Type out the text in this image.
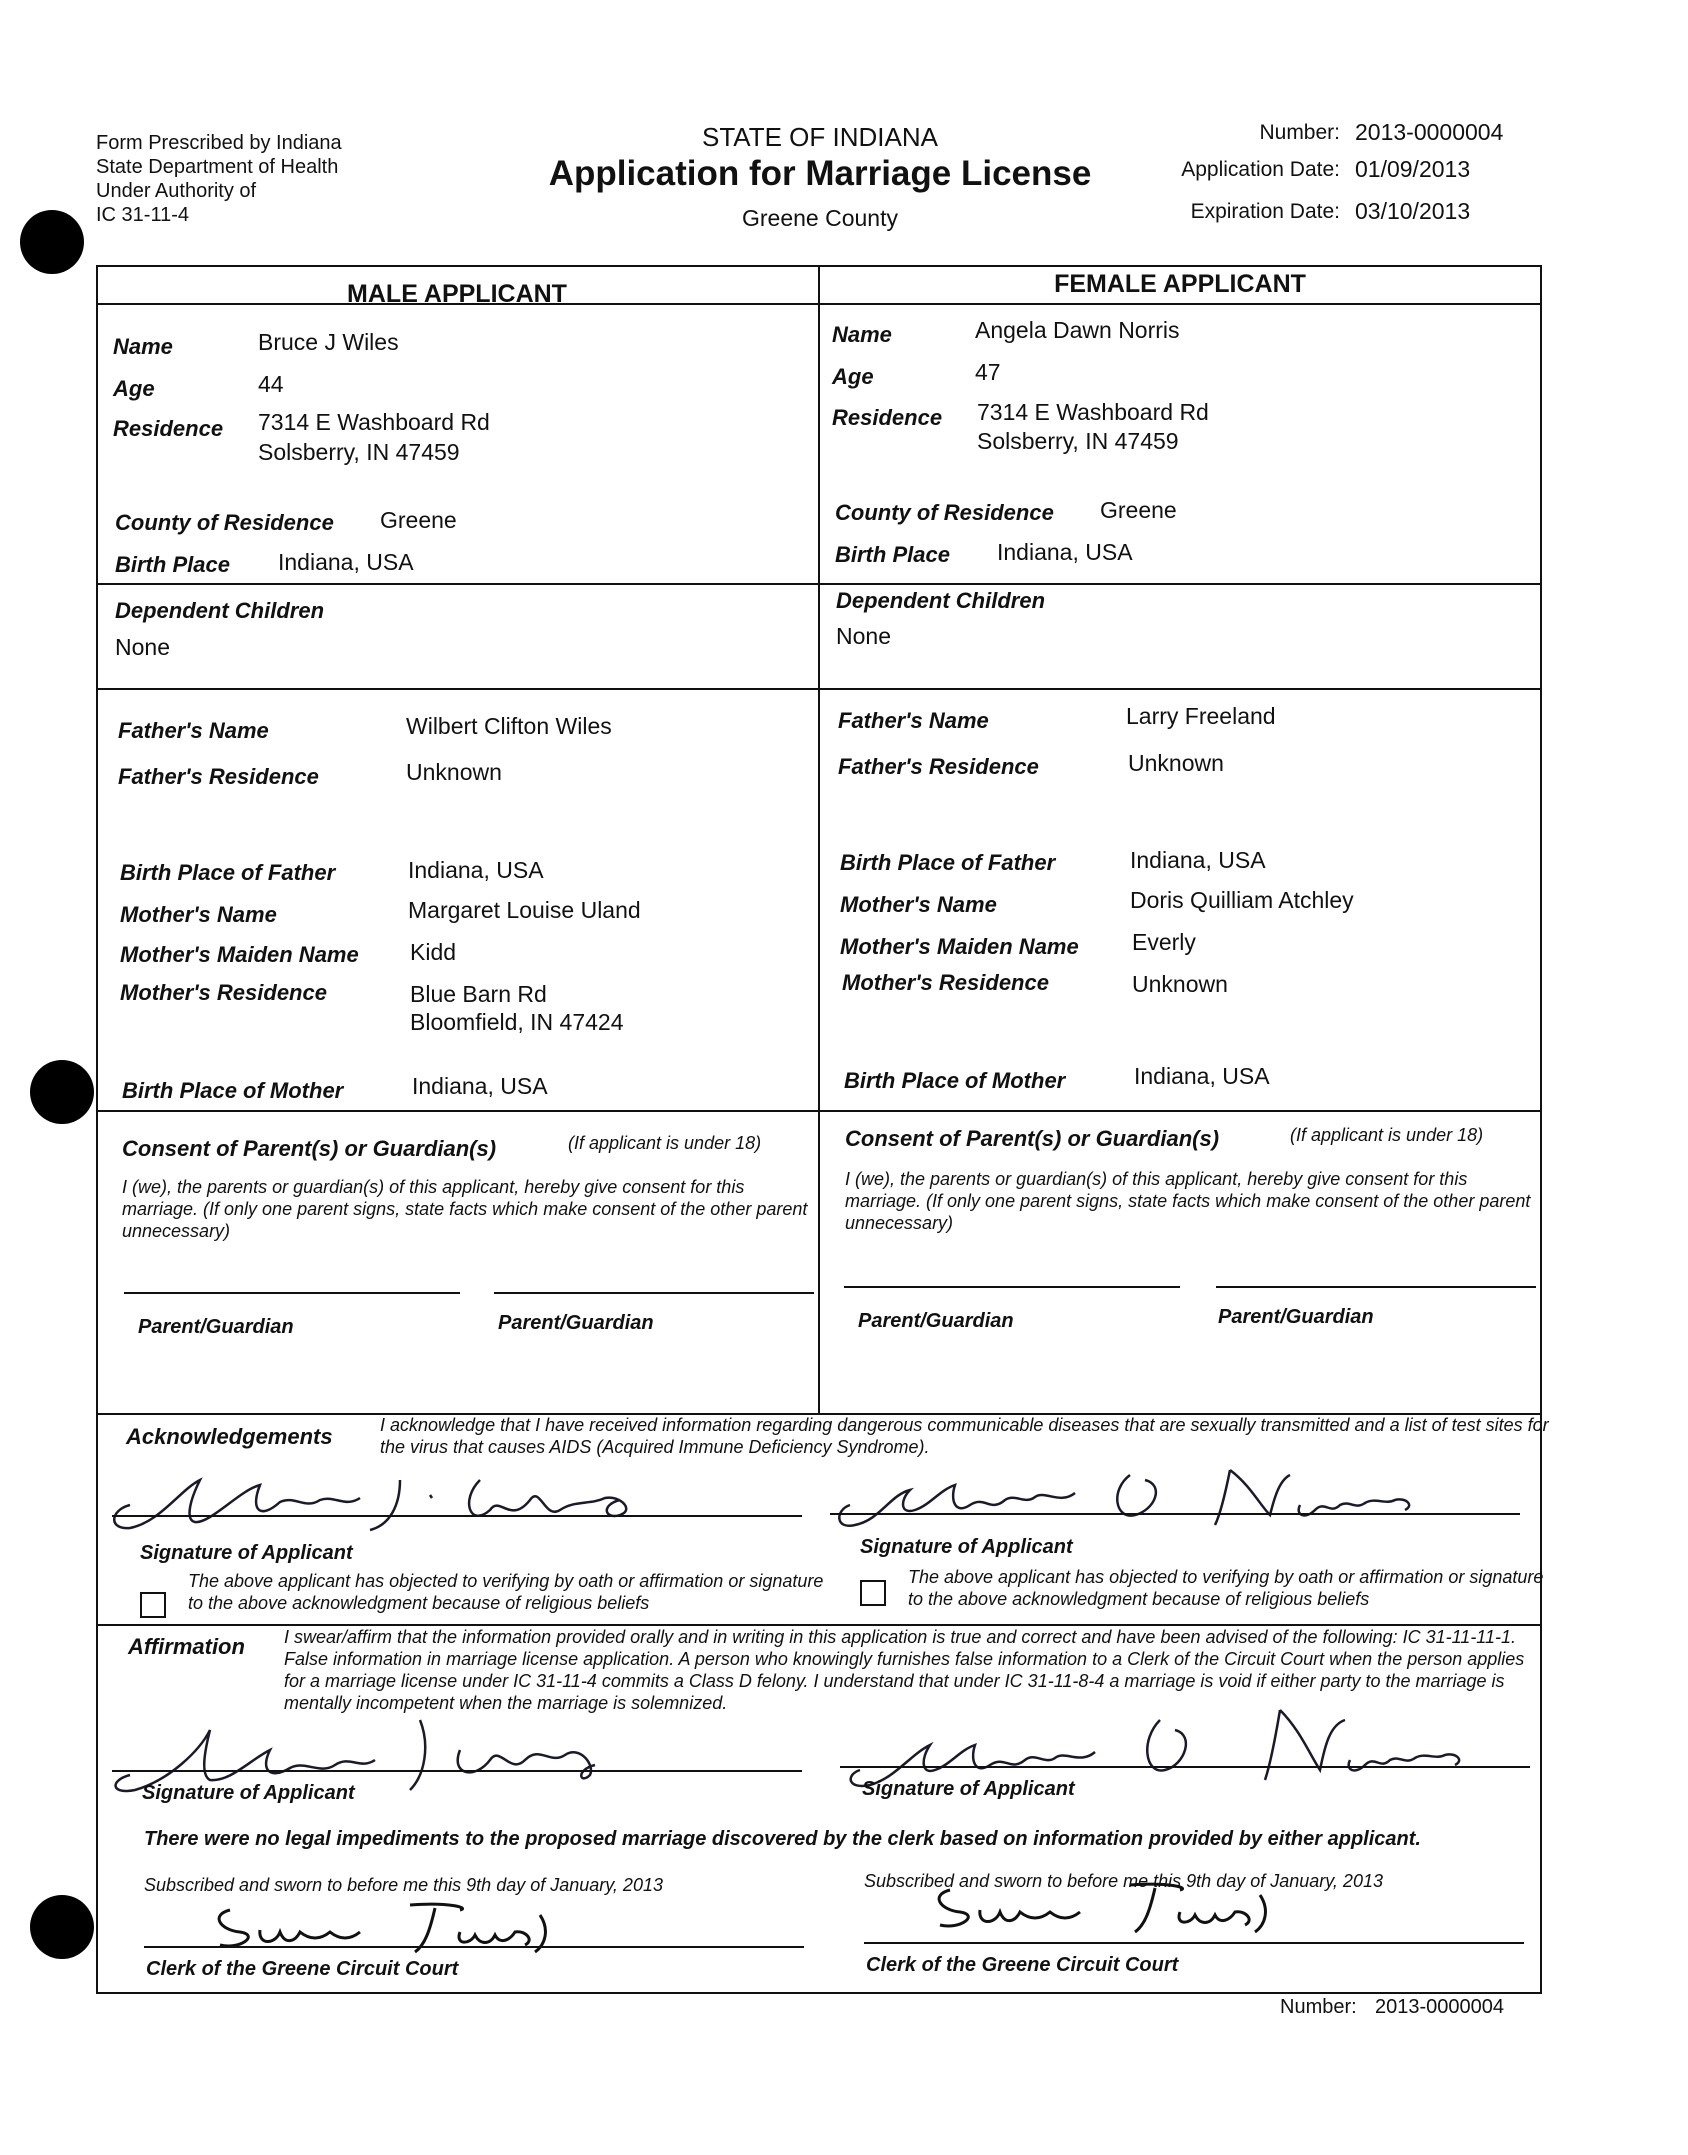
Form Prescribed by Indiana
State Department of Health
Under Authority of
IC 31-11-4
STATE OF INDIANA
Application for Marriage License
Greene County
Number: 2013-0000004
Application Date: 01/09/2013
Expiration Date: 03/10/2013
MALE APPLICANT	FEMALE APPLICANT
Name	Bruce J Wiles
Age	44
Residence 7314 E Washboard Rd
Solsberry, IN 47459
County of Residence Greene
Birth Place Indiana, USA
Dependent Children
None
Father's Name	Wilbert Clifton Wiles
Father's Residence	Unknown
Birth Place of Father	Indiana, USA
Mother's Name	Margaret Louise Uland
Mother's Maiden Name Kidd
Mother's Residence	Blue Barn Rd
Bloomfield, IN 47424
Birth Place of Mother	Indiana, USA
Consent of Parent(s) or Guardian(s)	(If applicant is under 18)
I (we), the parents or guardian(s) of this applicant, hereby give consent for this marriage. (If only one parent signs, state facts which make consent of the other parent unnecessary)
Parent/Guardian	Parent/Guardian
Name	Angela Dawn Norris
Age	47
Residence 7314 E Washboard Rd
Solsberry, IN 47459
County of Residence Greene
Birth Place Indiana, USA
Dependent Children
None
Father's Name	Larry Freeland
Father's Residence	Unknown
Birth Place of Father	Indiana, USA
Mother's Name	Doris Quilliam Atchley
Mother's Maiden Name Everly
Mother's Residence	Unknown
Birth Place of Mother	Indiana, USA
Consent of Parent(s) or Guardian(s)	(If applicant is under 18)
I (we), the parents or guardian(s) of this applicant, hereby give consent for this marriage. (If only one parent signs, state facts which make consent of the other parent unnecessary)
Parent/Guardian	Parent/Guardian
Acknowledgements	I acknowledge that I have received information regarding dangerous communicable diseases that are sexually transmitted and a list of test sites for the virus that causes AIDS (Acquired Immune Deficiency Syndrome).
Signature of Applicant	Signature of Applicant
The above applicant has objected to verifying by oath or affirmation or signature to the above acknowledgment because of religious beliefs
The above applicant has objected to verifying by oath or affirmation or signature to the above acknowledgment because of religious beliefs
Affirmation I swear/affirm that the information provided orally and in writing in this application is true and correct and have been advised of the following: IC 31-11-11-1. False information in marriage license application. A person who knowingly furnishes false information to a Clerk of the Circuit Court when the person applies for a marriage license under IC 31-11-4 commits a Class D felony. I understand that under IC 31-11-8-4 a marriage is void if either party to the marriage is mentally incompetent when the marriage is solemnized.
Signature of Applicant	Signature of Applicant
There were no legal impediments to the proposed marriage discovered by the clerk based on information provided by either applicant.
Subscribed and sworn to before me this 9th day of January, 2013	Subscribed and sworn to before me this 9th day of January, 2013
Clerk of the Greene Circuit Court	Clerk of the Greene Circuit Court
Number: 2013-0000004
